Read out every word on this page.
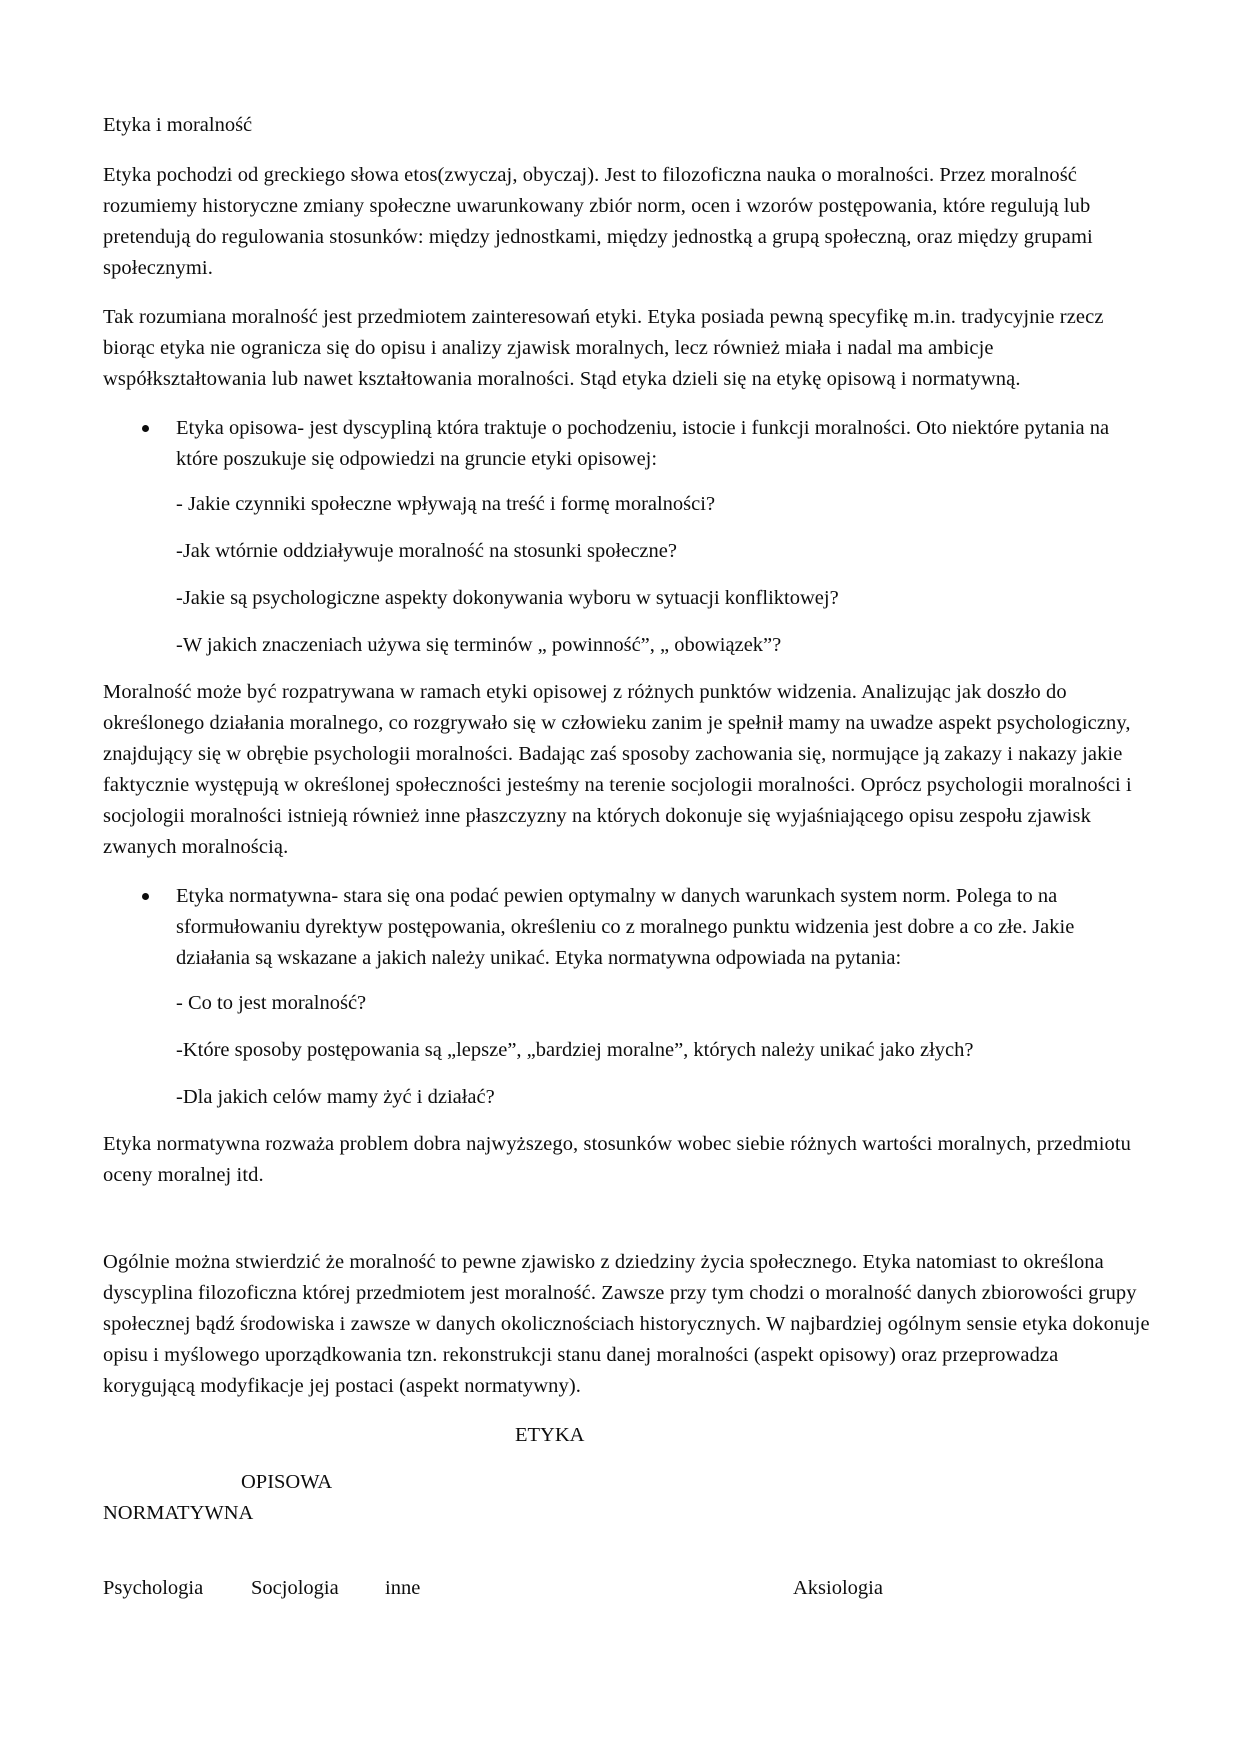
Etyka i moralność

Etyka pochodzi od greckiego słowa etos(zwyczaj, obyczaj). Jest to filozoficzna nauka o moralności. Przez moralność rozumiemy historyczne zmiany społeczne uwarunkowany zbiór norm, ocen i wzorów postępowania, które regulują lub pretendują do regulowania stosunków: między jednostkami, między jednostką a grupą społeczną, oraz między grupami społecznymi.

Tak rozumiana moralność jest przedmiotem zainteresowań etyki. Etyka posiada pewną specyfikę m.in. tradycyjnie rzecz biorąc etyka nie ogranicza się do opisu i analizy zjawisk moralnych, lecz również miała i nadal ma ambicje współkształtowania lub nawet kształtowania moralności. Stąd etyka dzieli się na etykę opisową i normatywną.

Etyka opisowa- jest dyscypliną która traktuje o pochodzeniu, istocie i funkcji moralności. Oto niektóre pytania na które poszukuje się odpowiedzi na gruncie etyki opisowej:
- Jakie czynniki społeczne wpływają na treść i formę moralności?
-Jak wtórnie oddziaływuje moralność na stosunki społeczne?
-Jakie są psychologiczne aspekty dokonywania wyboru w sytuacji konfliktowej?
-W jakich znaczeniach używa się terminów „ powinność”, „ obowiązek”?

Moralność może być rozpatrywana w ramach etyki opisowej z różnych punktów widzenia. Analizując jak doszło do określonego działania moralnego, co rozgrywało się w człowieku zanim je spełnił mamy na uwadze aspekt psychologiczny, znajdujący się w obrębie psychologii moralności. Badając zaś sposoby zachowania się, normujące ją zakazy i nakazy jakie faktycznie występują w określonej społeczności jesteśmy na terenie socjologii moralności. Oprócz psychologii moralności i socjologii moralności istnieją również inne płaszczyzny na których dokonuje się wyjaśniającego opisu zespołu zjawisk zwanych moralnością.

Etyka normatywna- stara się ona podać pewien optymalny w danych warunkach system norm. Polega to na sformułowaniu dyrektyw postępowania, określeniu co z moralnego punktu widzenia jest dobre a co złe. Jakie działania są wskazane a jakich należy unikać. Etyka normatywna odpowiada na pytania:
- Co to jest moralność?
-Które sposoby postępowania są „lepsze”, „bardziej moralne”, których należy unikać jako złych?
-Dla jakich celów mamy żyć i działać?

Etyka normatywna rozważa problem dobra najwyższego, stosunków wobec siebie różnych wartości moralnych, przedmiotu oceny moralnej itd.

Ogólnie można stwierdzić że moralność to pewne zjawisko z dziedziny życia społecznego. Etyka natomiast to określona dyscyplina filozoficzna której przedmiotem jest moralność. Zawsze przy tym chodzi o moralność danych zbiorowości grupy społecznej bądź środowiska i zawsze w danych okolicznościach historycznych. W najbardziej ogólnym sensie etyka dokonuje opisu i myślowego uporządkowania tzn. rekonstrukcji stanu danej moralności (aspekt opisowy) oraz przeprowadza korygującą modyfikacje jej postaci (aspekt normatywny).

ETYKA
OPISOWA
NORMATYWNA
Psychologia Socjologia inne	Aksiologia
